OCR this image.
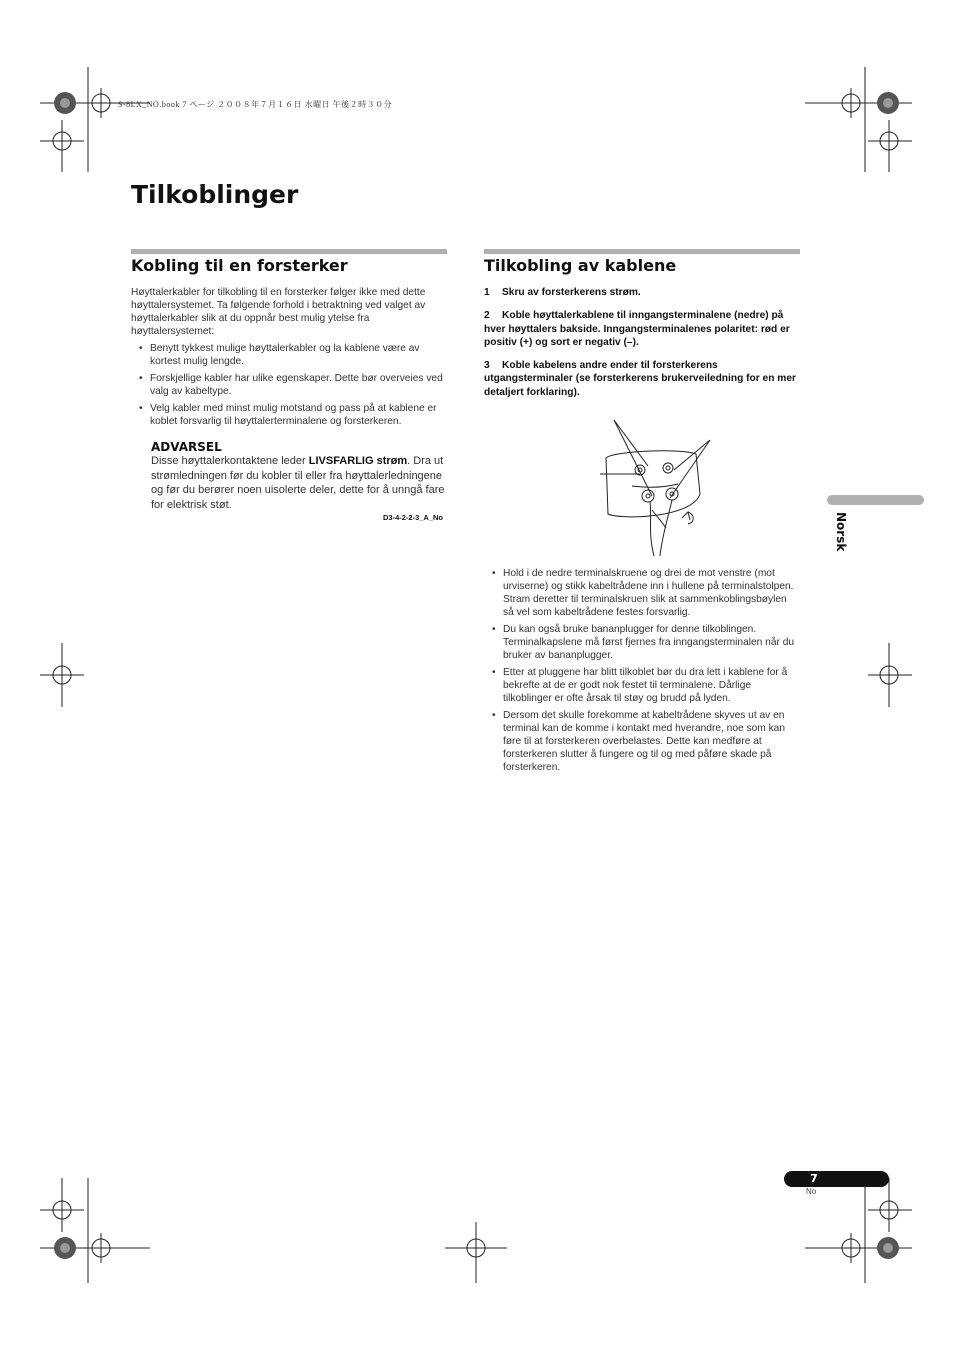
S-8LX_NO.book 7 ページ ２００８年７月１６日 水曜日 午後２時３０分
Tilkoblinger
Kobling til en forsterker
Høyttalerkabler for tilkobling til en forsterker følger ikke med dette høyttalersystemet. Ta følgende forhold i betraktning ved valget av høyttalerkabler slik at du oppnår best mulig ytelse fra høyttalersystemet:
• Benytt tykkest mulige høyttalerkabler og la kablene være av kortest mulig lengde.
• Forskjellige kabler har ulike egenskaper. Dette bør overveies ved valg av kabeltype.
• Velg kabler med minst mulig motstand og pass på at kablene er koblet forsvarlig til høyttalerterminalene og forsterkeren.
ADVARSEL
Disse høyttalerkontaktene leder LIVSFARLIG strøm. Dra ut strømledningen før du kobler til eller fra høyttalerledningene og før du berører noen uisolerte deler, dette for å unngå fare for elektrisk støt.
D3-4-2-2-3_A_No
Tilkobling av kablene

1 Skru av forsterkerens strøm.

2 Koble høyttalerkablene til inngangsterminalene (nedre) på hver høyttalers bakside. Inngangsterminalenes polaritet: rød er positiv (+) og sort er negativ (–).

3 Koble kabelens andre ender til forsterkerens utgangsterminaler (se forsterkerens brukerveiledning for en mer detaljert forklaring).

• Hold i de nedre terminalskruene og drei de mot venstre (mot urviserne) og stikk kabeltrådene inn i hullene på terminalstolpen. Stram deretter til terminalskruen slik at sammenkoblingsbøylen så vel som kabeltrådene festes forsvarlig.
• Du kan også bruke bananplugger for denne tilkoblingen. Terminalkapslene må først fjernes fra inngangsterminalen når du bruker av bananplugger.
• Etter at pluggene har blitt tilkoblet bør du dra lett i kablene for å bekrefte at de er godt nok festet til terminalene. Dårlige tilkoblinger er ofte årsak til støy og brudd på lyden.
• Dersom det skulle forekomme at kabeltrådene skyves ut av en terminal kan de komme i kontakt med hverandre, noe som kan føre til at forsterkeren overbelastes. Dette kan medføre at forsterkeren slutter å fungere og til og med påføre skade på forsterkeren.
Norsk
7
No
